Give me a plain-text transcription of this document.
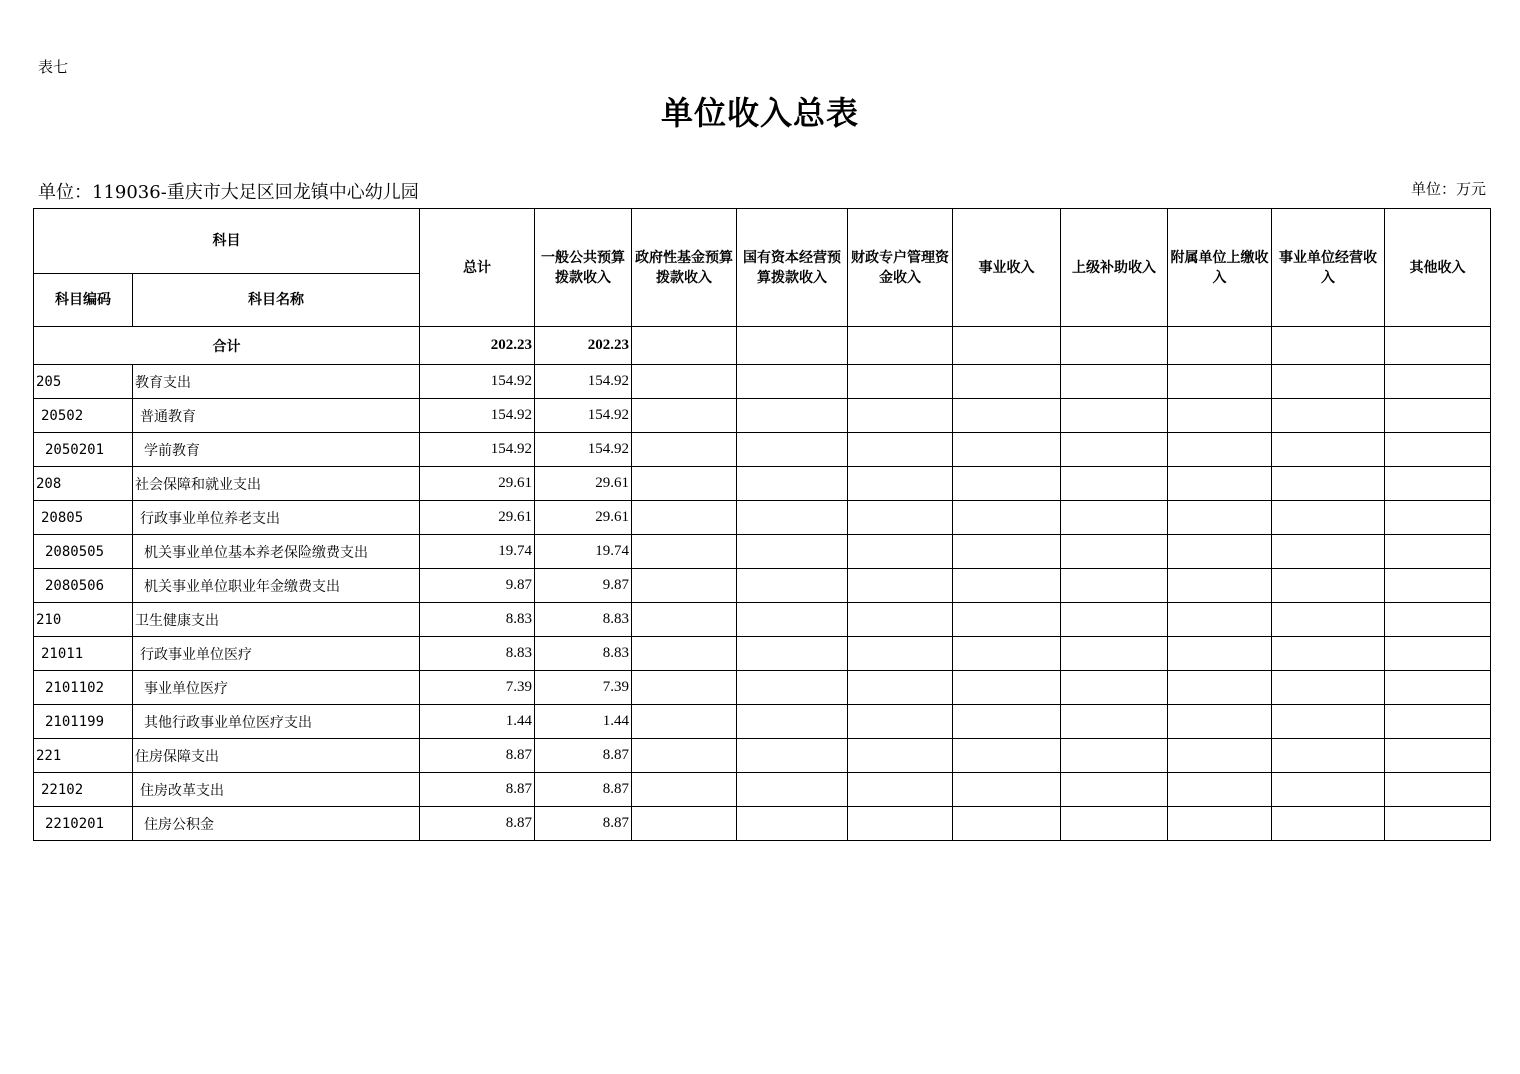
表七
单位收入总表
单位：119036-重庆市大足区回龙镇中心幼儿园	单位：万元
科目		总计	一般公共预算拨款收入	政府性基金预算拨款收入	国有资本经营预算拨款收入	财政专户管理资金收入	事业收入	上级补助收入	附属单位上缴收入	事业单位经营收入	其他收入
科目编码	科目名称										
合计		202.23	202.23								
205	教育支出	154.92	154.92								
20502	普通教育	154.92	154.92								
2050201	学前教育	154.92	154.92								
208	社会保障和就业支出	29.61	29.61								
20805	行政事业单位养老支出	29.61	29.61								
2080505	机关事业单位基本养老保险缴费支出	19.74	19.74								
2080506	机关事业单位职业年金缴费支出	9.87	9.87								
210	卫生健康支出	8.83	8.83								
21011	行政事业单位医疗	8.83	8.83								
2101102	事业单位医疗	7.39	7.39								
2101199	其他行政事业单位医疗支出	1.44	1.44								
221	住房保障支出	8.87	8.87								
22102	住房改革支出	8.87	8.87								
2210201	住房公积金	8.87	8.87								
